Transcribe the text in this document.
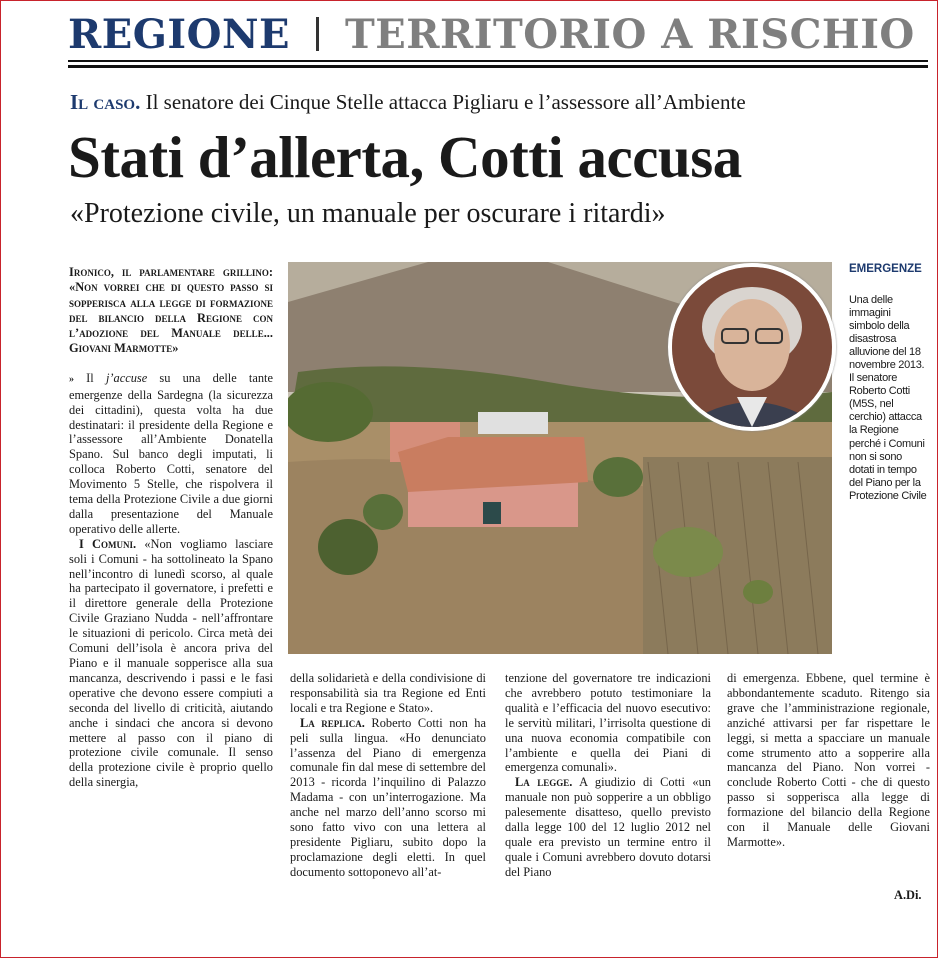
REGIONE TERRITORIO A RISCHIO
Il caso. Il senatore dei Cinque Stelle attacca Pigliaru e l’assessore all’Ambiente
Stati d’allerta, Cotti accusa
«Protezione civile, un manuale per oscurare i ritardi»

Ironico, il parlamentare grillino: «Non vorrei che di questo passo si sopperisca alla legge di formazione del bilancio della Regione con l’adozione del Manuale delle... Giovani Marmotte»

» Il j’accuse su una delle tante emergenze della Sardegna (la sicurezza dei cittadini), questa volta ha due destinatari: il presidente della Regione e l’assessore all’Ambiente Donatella Spano. Sul banco degli imputati, li colloca Roberto Cotti, senatore del Movimento 5 Stelle, che rispolvera il tema della Protezione Civile a due giorni dalla presentazione del Manuale operativo delle allerte.

I Comuni. «Non vogliamo lasciare soli i Comuni - ha sottolineato la Spano nell’incontro di lunedì scorso, al quale ha partecipato il governatore, i prefetti e il direttore generale della Protezione Civile Graziano Nudda - nell’affrontare le situazioni di pericolo. Circa metà dei Comuni dell’isola è ancora priva del Piano e il manuale sopperisce alla sua mancanza, descrivendo i passi e le fasi operative che devono essere compiuti a seconda del livello di criticità, aiutando anche i sindaci che ancora si devono mettere al passo con il piano di protezione civile comunale. Il senso della protezione civile è proprio quello della sinergia,

EMERGENZE
Una delle immagini simbolo della disastrosa alluvione del 18 novembre 2013. Il senatore Roberto Cotti (M5S, nel cerchio) attacca la Regione perché i Comuni non si sono dotati in tempo del Piano per la Protezione Civile

della solidarietà e della condivisione di responsabilità sia tra Regione ed Enti locali e tra Regione e Stato».

La replica. Roberto Cotti non ha peli sulla lingua. «Ho denunciato l’assenza del Piano di emergenza comunale fin dal mese di settembre del 2013 - ricorda l’inquilino di Palazzo Madama - con un’interrogazione. Ma anche nel marzo dell’anno scorso mi sono fatto vivo con una lettera al presidente Pigliaru, subito dopo la proclamazione degli eletti. In quel documento sottoponevo all’at-

tenzione del governatore tre indicazioni che avrebbero potuto testimoniare la qualità e l’efficacia del nuovo esecutivo: le servitù militari, l’irrisolta questione di una nuova economia compatibile con l’ambiente e quella dei Piani di emergenza comunali».

La legge. A giudizio di Cotti «un manuale non può sopperire a un obbligo palesemente disatteso, quello previsto dalla legge 100 del 12 luglio 2012 nel quale era previsto un termine entro il quale i Comuni avrebbero dovuto dotarsi del Piano

di emergenza. Ebbene, quel termine è abbondantemente scaduto. Ritengo sia grave che l’amministrazione regionale, anziché attivarsi per far rispettare le leggi, si metta a spacciare un manuale come strumento atto a sopperire alla mancanza del Piano. Non vorrei - conclude Roberto Cotti - che di questo passo si sopperisca alla legge di formazione del bilancio della Regione con il Manuale delle Giovani Marmotte».

A.Di.
